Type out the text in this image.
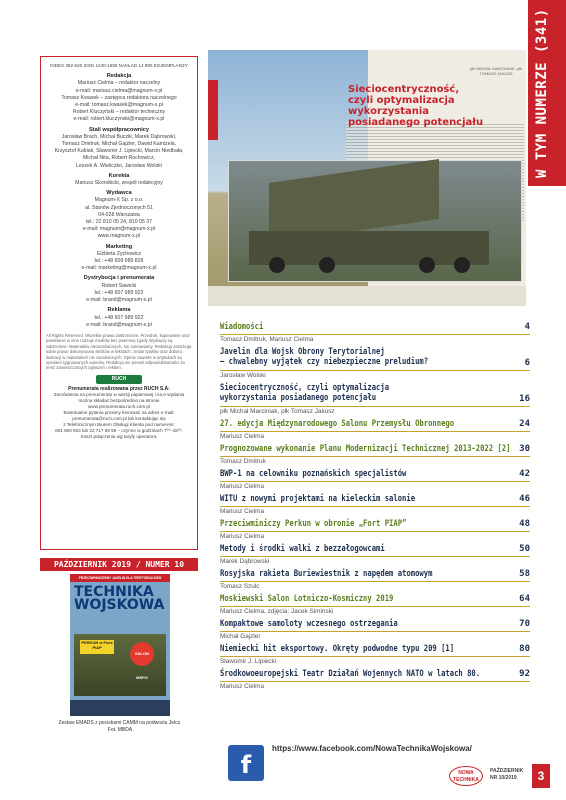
W TYM NUMERZE (341)
INDEX 382-620 ISSN 1230-1655 NAKŁAD 14 990 EGZEMPLARZY
Redakcja
Mariusz Cielma – redaktor naczelny
e-mail: mariusz.cielma@magnum-x.pl
Tomasz Kwasek – zastępca redaktora naczelnego
e-mail: tomasz.kwasek@magnum-x.pl
Robert Kluczyński – redaktor techniczny
e-mail: robert.kluczynski@magnum-x.pl
Stali współpracownicy
Jarosław Brach, Michał Buczik, Marek Dąbrowski,
Tomasz Dmitruk, Michał Gajzler, Dawid Kamizela,
Krzysztof Kubiak, Sławomir J. Lipiecki, Marcin Niedbała,
Michał Nita, Robert Rochowicz,
Leszek A. Wieliczko, Jarosław Wolski
Korekta
Mariusz Skorobicki, zespół redakcyjny
Wydawca
Magnum-X Sp. z o.o.
al. Stanów Zjednoczonych 51
04-028 Warszawa
tel.: 22 810 05 24, 810 05 37
e-mail: magnum@magnum-x.pl
www.magnum-x.pl
Marketing
Elżbieta Zychowicz
tel.: +48 609 989 828
e-mail: marketing@magnum-x.pl
Dystrybucja i prenumerata
Robert Sawicki
tel.: +48 607 989 922
e-mail: brand@magnum-x.pl
Reklama
tel.: +48 607 989 922
e-mail: brand@magnum-x.pl
All Rights Reserved. Wszelkie prawa zastrzeżone. Przedruk, kopiowanie oraz powielanie w inne rodzaje mediów bez pisemnej zgody Wydawcy są zabronione. Materiałów niezamówionych, nie zamawiamy. Redakcja zastrzega sobie prawo dokonywania skrótów w tekstach, zmian tytułów oraz doboru ilustracji w materiałach nie zamówionych. Opinie zawarte w artykułach są opiniami sygnowanych autorów. Redakcja nie ponosi odpowiedzialności za treść zamieszczonych ogłoszeń i reklam.
RUCH
Prenumerata realizowana przez RUCH S.A:
Zamówienia na prenumeratę w wersji papierowej i na e-wydania
można składać bezpośrednio na stronie
www.prenumerata.ruch.com.pl
Ewentualne pytania prosimy kierować na adres e-mail:
prenumerata@ruch.com.pl lub kontaktując się
z Telefonicznym Biurem Obsługi Klienta pod numerem:
801 800 803 lub 22 717 59 59 – czynne w godzinach 7⁰⁰–18⁰⁰.
Koszt połączenia wg taryfy operatora.
PAŹDZIERNIK 2019 / NUMER 10
PRZECIWPANCERNY JAVELIN DLA TERYTORIALSÓW
TECHNIKA
WOJSKOWA
PERKUN w Ficie PIAP
SALON MSPO
Zestaw EMADS z pociskami CAMM na podwoziu Jelcz.
Fot. MBDA
płk MICHAŁ MARCINIAK, płk TOMASZ JAKUSZ
Sieciocentryczność,
czyli optymalizacja wykorzystania
posiadanego potencjału
Wiadomości	4
Tomasz Dmitruk, Mariusz Cielma
Javelin dla Wojsk Obrony Terytorialnej
– chwalebny wyjątek czy niebezpieczne preludium?	6
Jarosław Wolski
Sieciocentryczność, czyli optymalizacja
wykorzystania posiadanego potencjału	16
płk Michał Marciniak, płk Tomasz Jakusz
27. edycja Międzynarodowego Salonu Przemysłu Obronnego	24
Mariusz Cielma
Prognozowane wykonanie Planu Modernizacji Technicznej 2013-2022 [2] 30
Tomasz Dmitruk
BWP-1 na celowniku poznańskich specjalistów	42
Mariusz Cielma
WITU z nowymi projektami na kieleckim salonie	46
Mariusz Cielma
Przeciwminiczy Perkun w obronie „Fort PIAP”	48
Mariusz Cielma
Metody i środki walki z bezzałogowcami	50
Marek Dąbrowski
Rosyjska rakieta Buriewiestnik z napędem atomowym	58
Tomasz Szulc
Moskiewski Salon Lotniczo-Kosmiczny 2019	64
Mariusz Cielma, zdjęcia: Jacek Siminski
Kompaktowe samoloty wczesnego ostrzegania	70
Michał Gajzler
Niemiecki hit eksportowy. Okręty podwodne typu 209 [1]	80
Sławomir J. Lipiecki
Środkowoeuropejski Teatr Działań Wojennych NATO w latach 80.	92
Mariusz Cielma
f
https://www.facebook.com/NowaTechnikaWojskowa/
NOWA
TECHNIKA
PAŹDZIERNIK
NR 10/2019	3
